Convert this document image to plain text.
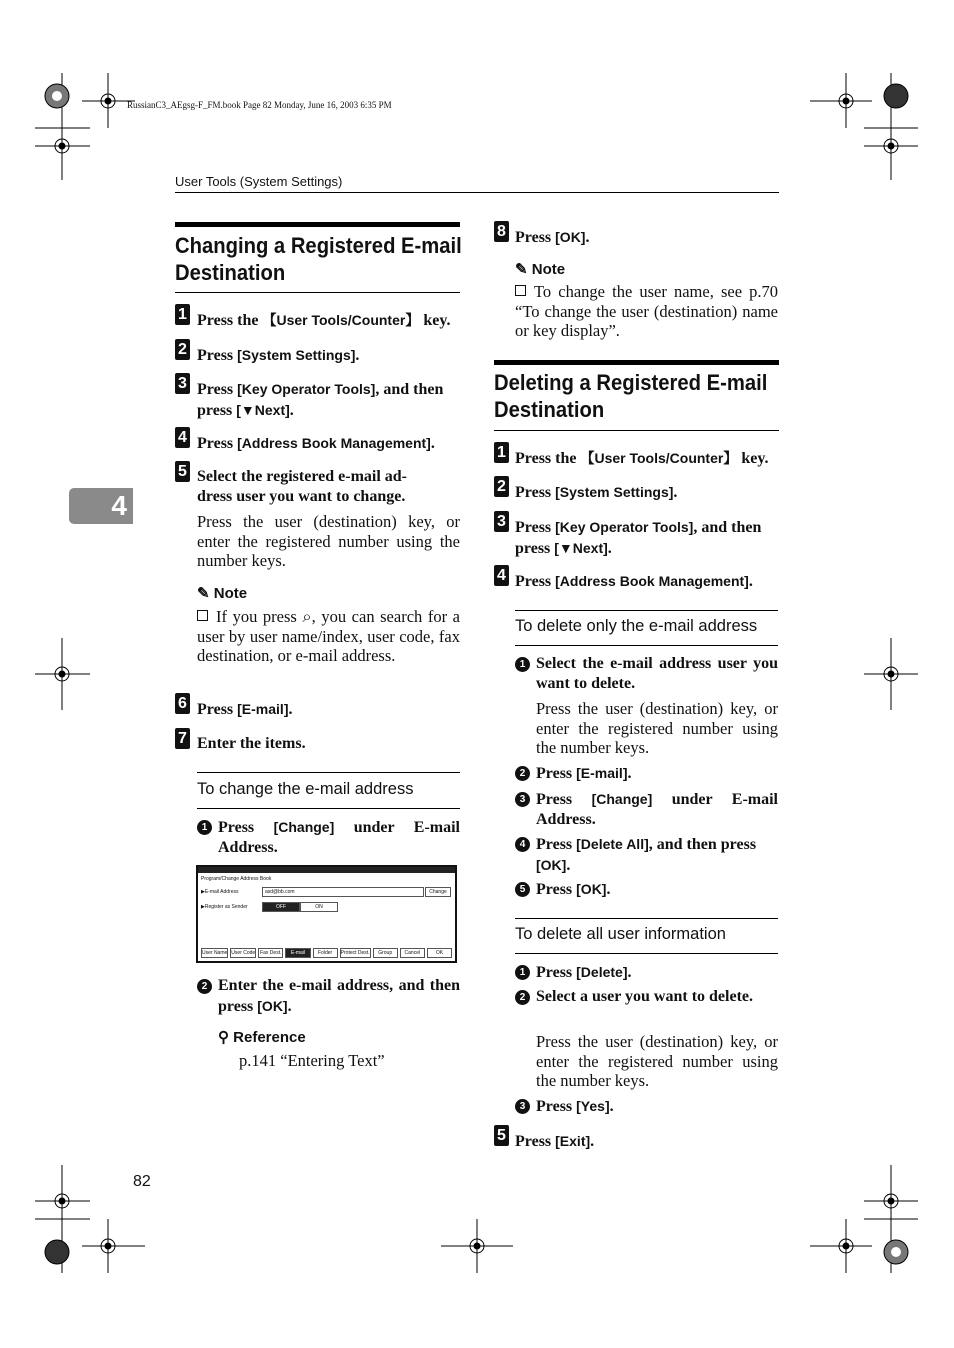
RussianC3_AEgsg-F_FM.book Page 82 Monday, June 16, 2003 6:35 PM
User Tools (System Settings)
4
82
Changing a Registered E-mail
Destination
1 Press the 【User Tools/Counter】 key.
2 Press [System Settings].
3 Press [Key Operator Tools], and then
press [▼Next].
4 Press [Address Book Management].
5 Select the registered e-mail ad-
dress user you want to change.
Press the user (destination) key, or enter the registered number using the number keys.
✎ Note
If you press ⌕, you can search for a user by user name/index, user code, fax destination, or e-mail address.
6 Press [E-mail].
7 Enter the items.
To change the e-mail address
1 Press [Change] under E-mail Address.
Program/Change Address Book
▶E-mail Address	asd@bb.com	Change
▶Register as Sender	OFF	ON
User Name User Code Fax Dest.	E-mail	Folder	Protect Dest.	Group	Cancel	OK
2 Enter the e-mail address, and then press [OK].
⚲ Reference
p.141 “Entering Text”
8 Press [OK].
✎ Note
To change the user name, see p.70 “To change the user (destination) name or key display”.
Deleting a Registered E-mail
Destination
1 Press the 【User Tools/Counter】 key.
2 Press [System Settings].
3 Press [Key Operator Tools], and then
press [▼Next].
4 Press [Address Book Management].
To delete only the e-mail address
1 Select the e-mail address user you want to delete.
Press the user (destination) key, or enter the registered number using the number keys.
2 Press [E-mail].
3 Press [Change] under E-mail Address.
4 Press [Delete All], and then press [OK].
5 Press [OK].
To delete all user information
1 Press [Delete].
2 Select a user you want to delete.
Press the user (destination) key, or enter the registered number using the number keys.
3 Press [Yes].
5 Press [Exit].
